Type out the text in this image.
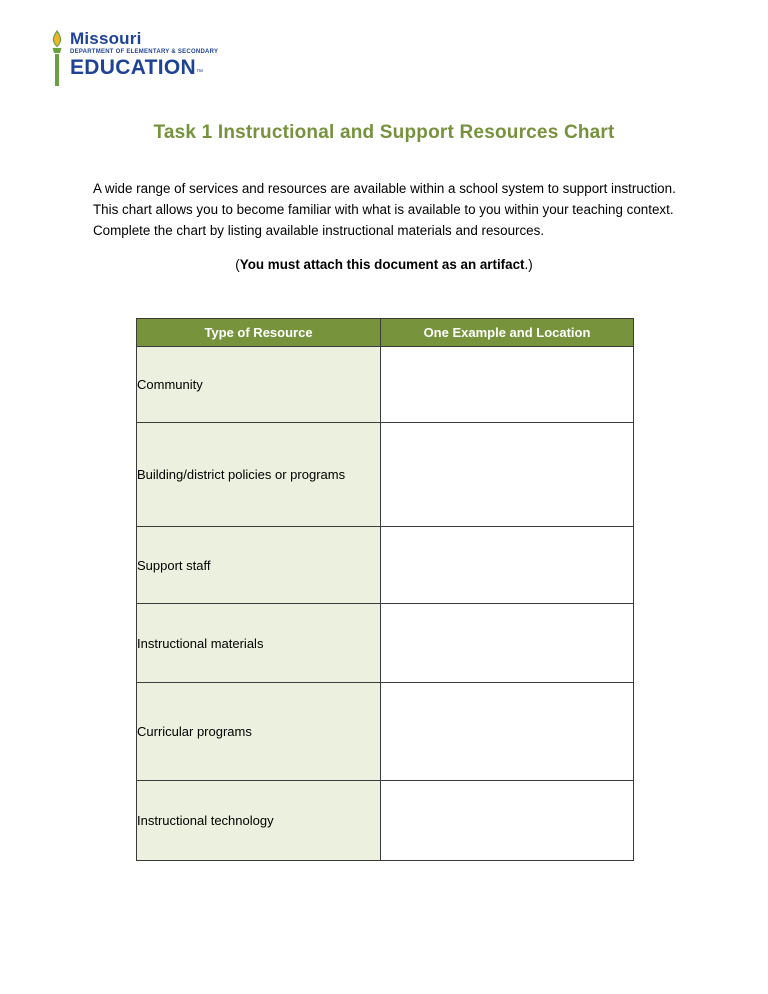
Missouri
DEPARTMENT OF ELEMENTARY & SECONDARY
EDUCATION™
Task 1 Instructional and Support Resources Chart

A wide range of services and resources are available within a school system to support instruction. This chart allows you to become familiar with what is available to you within your teaching context. Complete the chart by listing available instructional materials and resources.

(You must attach this document as an artifact.)

Type of Resource	One Example and Location
Community	
Building/district policies or programs	
Support staff	
Instructional materials	
Curricular programs	
Instructional technology	
